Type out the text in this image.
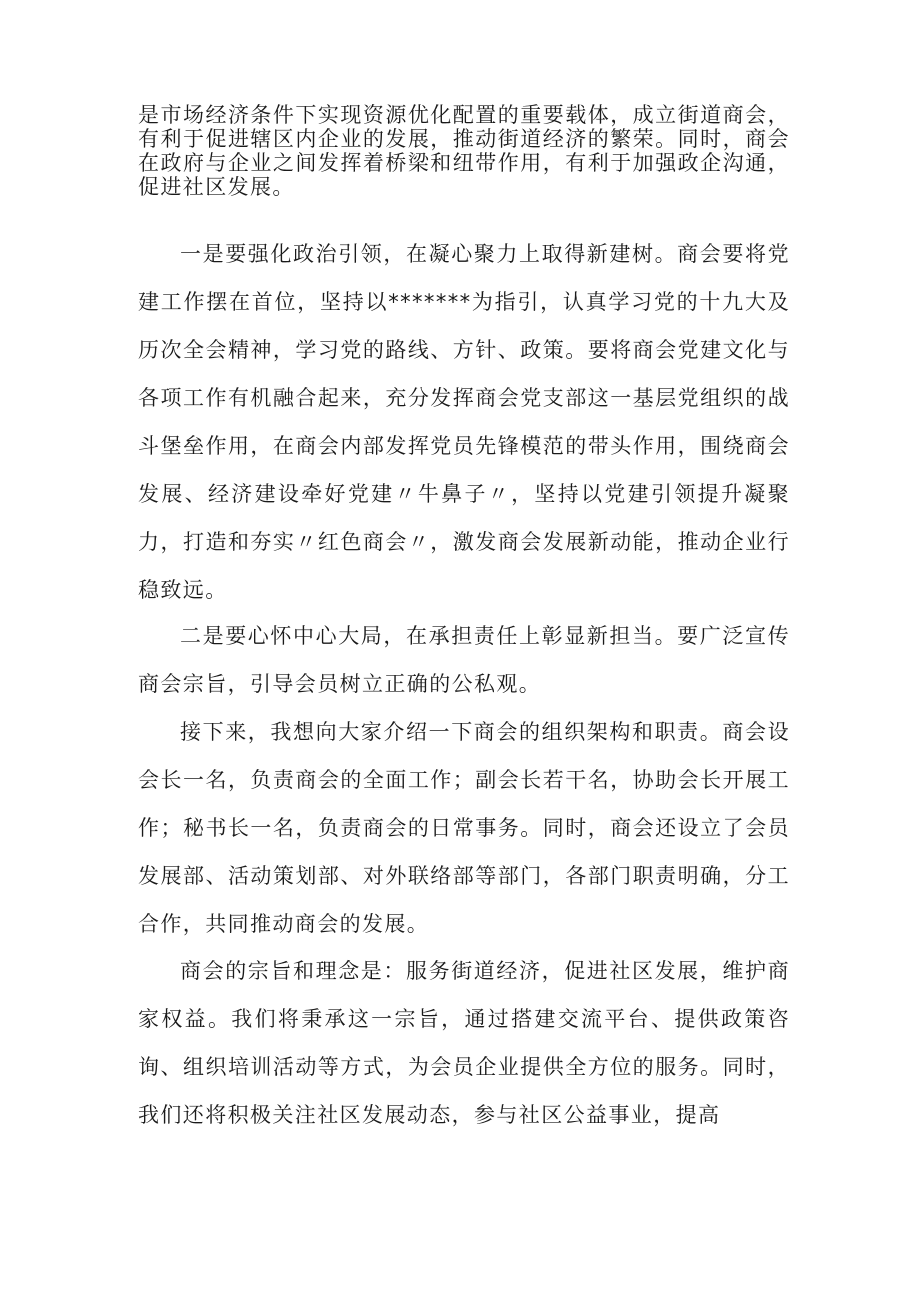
是市场经济条件下实现资源优化配置的重要载体，成立街道商会，有利于促进辖区内企业的发展，推动街道经济的繁荣。同时，商会在政府与企业之间发挥着桥梁和纽带作用，有利于加强政企沟通，促进社区发展。

一是要强化政治引领，在凝心聚力上取得新建树。商会要将党建工作摆在首位，坚持以*******为指引，认真学习党的十九大及历次全会精神，学习党的路线、方针、政策。要将商会党建文化与各项工作有机融合起来，充分发挥商会党支部这一基层党组织的战斗堡垒作用，在商会内部发挥党员先锋模范的带头作用，围绕商会发展、经济建设牵好党建〃牛鼻子〃，坚持以党建引领提升凝聚力，打造和夯实〃红色商会〃，激发商会发展新动能，推动企业行稳致远。

二是要心怀中心大局，在承担责任上彰显新担当。要广泛宣传商会宗旨，引导会员树立正确的公私观。

接下来，我想向大家介绍一下商会的组织架构和职责。商会设会长一名，负责商会的全面工作；副会长若干名，协助会长开展工作；秘书长一名，负责商会的日常事务。同时，商会还设立了会员发展部、活动策划部、对外联络部等部门，各部门职责明确，分工合作，共同推动商会的发展。

商会的宗旨和理念是：服务街道经济，促进社区发展，维护商家权益。我们将秉承这一宗旨，通过搭建交流平台、提供政策咨询、组织培训活动等方式，为会员企业提供全方位的服务。同时，我们还将积极关注社区发展动态，参与社区公益事业，提高
